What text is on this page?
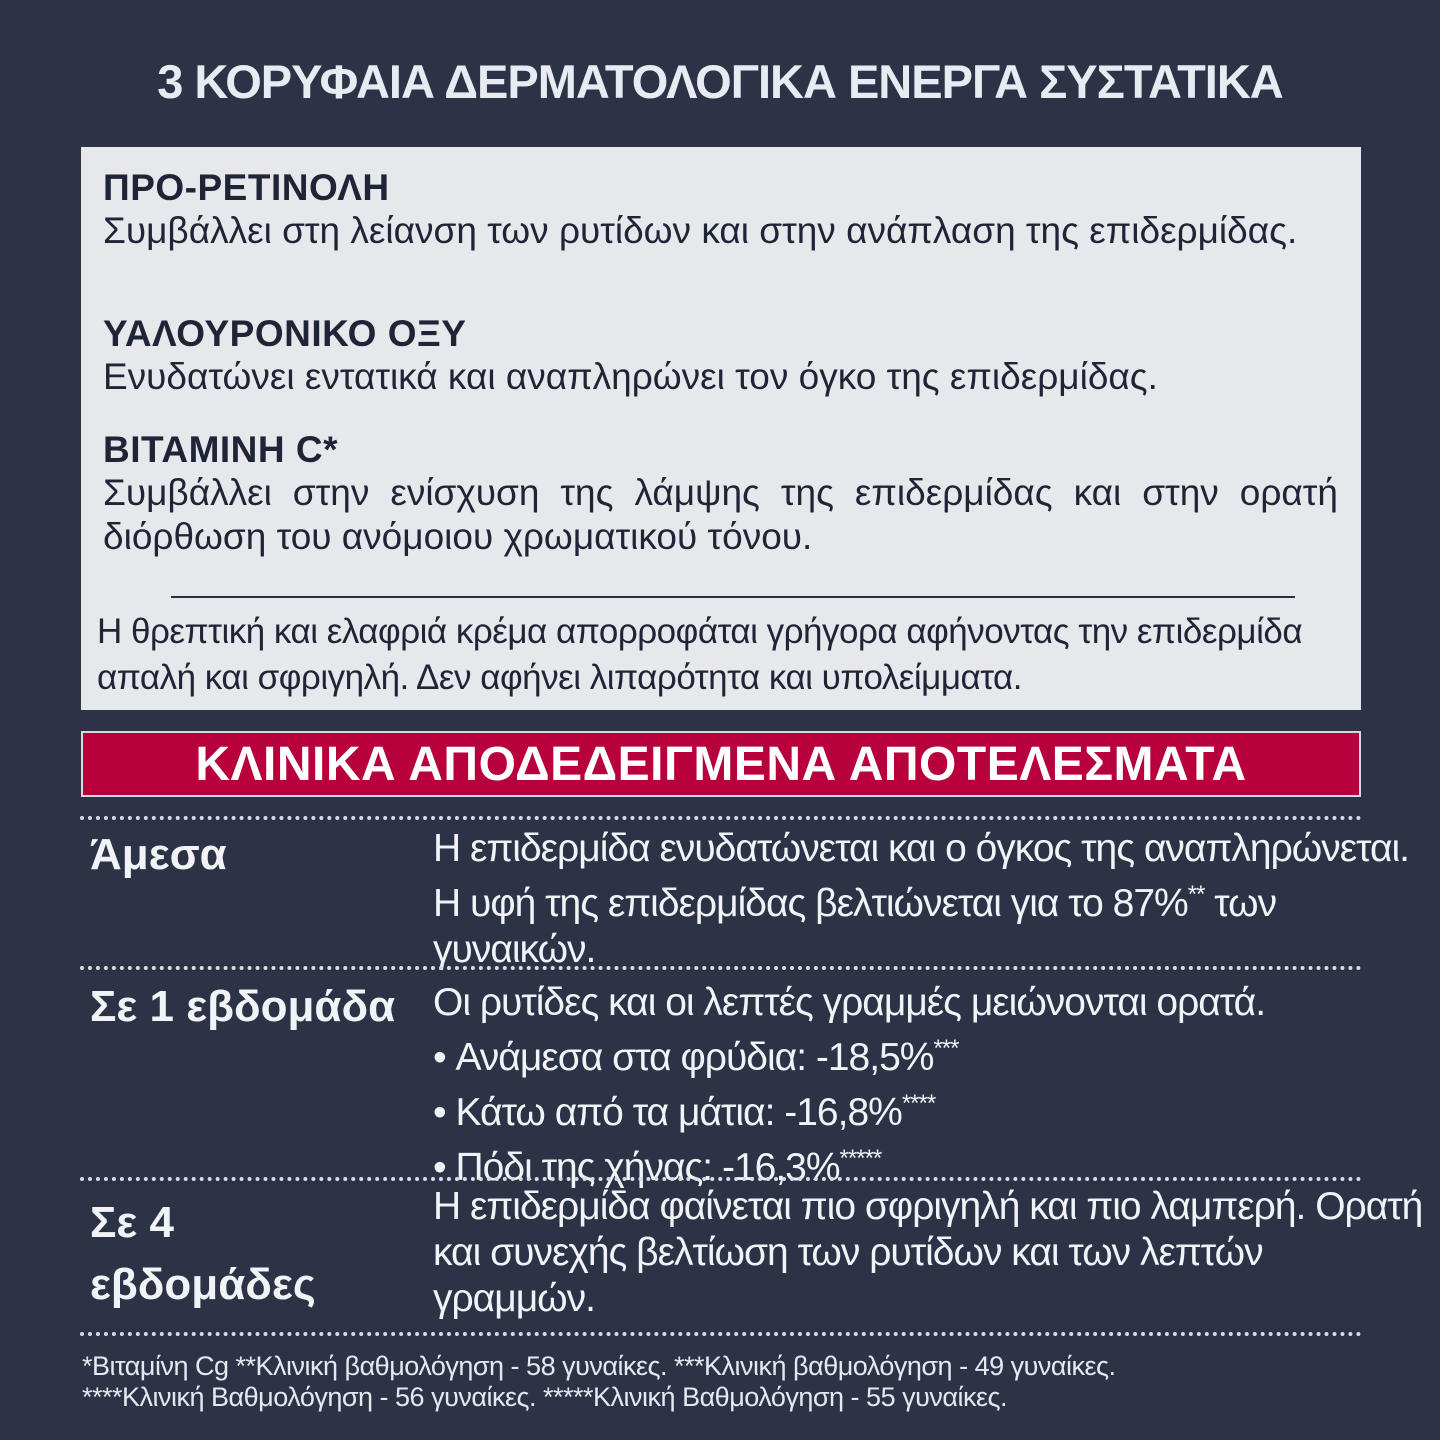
3 ΚΟΡΥΦΑΙΑ ΔΕΡΜΑΤΟΛΟΓΙΚΑ ΕΝΕΡΓΑ ΣΥΣΤΑΤΙΚΑ
ΠΡΟ-ΡΕΤΙΝΟΛΗ
Συμβάλλει στη λείανση των ρυτίδων και στην ανάπλαση της επιδερμίδας.
ΥΑΛΟΥΡΟΝΙΚΟ ΟΞΥ
Ενυδατώνει εντατικά και αναπληρώνει τον όγκο της επιδερμίδας.
ΒΙΤΑΜΙΝΗ C*
Συμβάλλει στην ενίσχυση της λάμψης της επιδερμίδας και στην ορατή διόρθωση του ανόμοιου χρωματικού τόνου.
Η θρεπτική και ελαφριά κρέμα απορροφάται γρήγορα αφήνοντας την επιδερμίδα απαλή και σφριγηλή. Δεν αφήνει λιπαρότητα και υπολείμματα.
ΚΛΙΝΙΚΑ ΑΠΟΔΕΔΕΙΓΜΕΝΑ ΑΠΟΤΕΛΕΣΜΑΤΑ
Άμεσα	Η επιδερμίδα ενυδατώνεται και ο όγκος της αναπληρώνεται. Η υφή της επιδερμίδας βελτιώνεται για το 87%** των γυναικών.
Σε 1 εβδομάδα Οι ρυτίδες και οι λεπτές γραμμές μειώνονται ορατά.
• Ανάμεσα στα φρύδια: -18,5%***
• Κάτω από τα μάτια: -16,8%****
• Πόδι της χήνας: -16,3%*****
Σε 4 εβδομάδες
Η επιδερμίδα φαίνεται πιο σφριγηλή και πιο λαμπερή. Ορατή και συνεχής βελτίωση των ρυτίδων και των λεπτών γραμμών.
*Βιταμίνη Cg **Κλινική βαθμολόγηση - 58 γυναίκες. ***Κλινική βαθμολόγηση - 49 γυναίκες.
****Κλινική Βαθμολόγηση - 56 γυναίκες. *****Κλινική Βαθμολόγηση - 55 γυναίκες.
